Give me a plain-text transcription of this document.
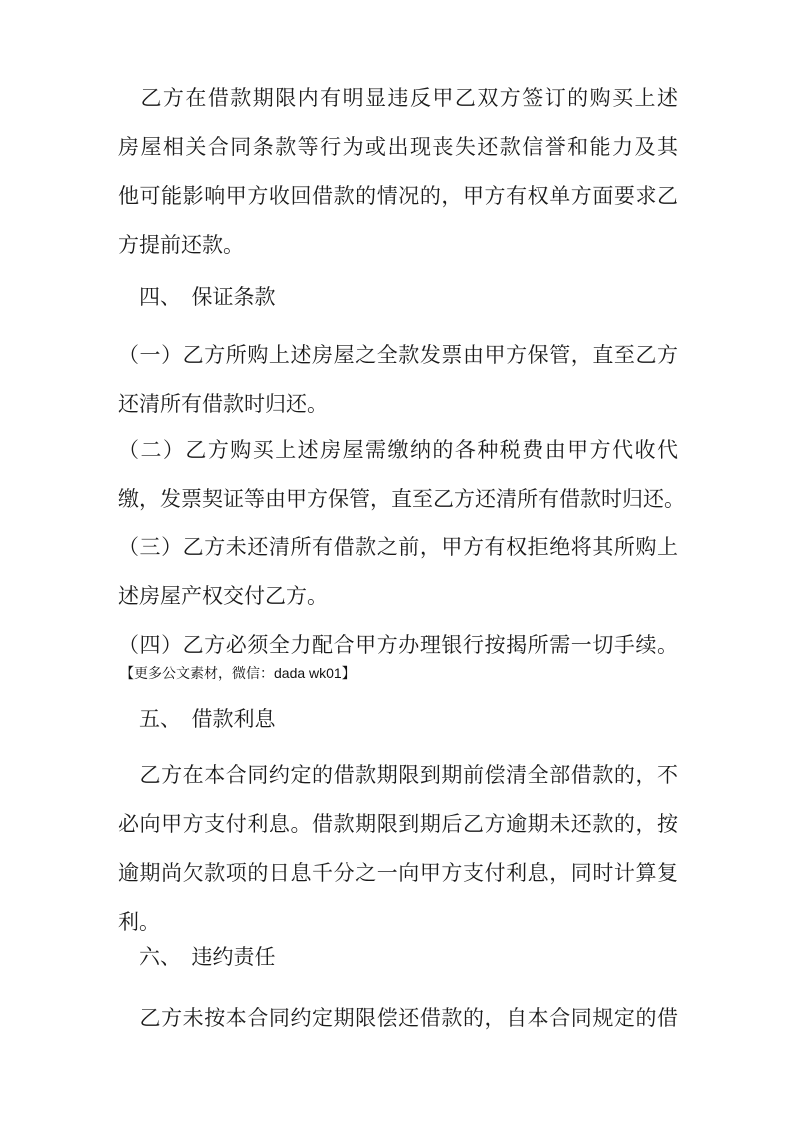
　乙方在借款期限内有明显违反甲乙双方签订的购买上述
房屋相关合同条款等行为或出现丧失还款信誉和能力及其
他可能影响甲方收回借款的情况的，甲方有权单方面要求乙
方提前还款。
　四、　保证条款
（一）乙方所购上述房屋之全款发票由甲方保管，直至乙方
还清所有借款时归还。
（二）乙方购买上述房屋需缴纳的各种税费由甲方代收代
缴，发票契证等由甲方保管，直至乙方还清所有借款时归还。
（三）乙方未还清所有借款之前，甲方有权拒绝将其所购上
述房屋产权交付乙方。
（四）乙方必须全力配合甲方办理银行按揭所需一切手续。
【更多公文素材，微信：dada wk01】
　五、　借款利息
　乙方在本合同约定的借款期限到期前偿清全部借款的，不
必向甲方支付利息。借款期限到期后乙方逾期未还款的，按
逾期尚欠款项的日息千分之一向甲方支付利息，同时计算复
利。
　六、　违约责任
　乙方未按本合同约定期限偿还借款的，自本合同规定的借
